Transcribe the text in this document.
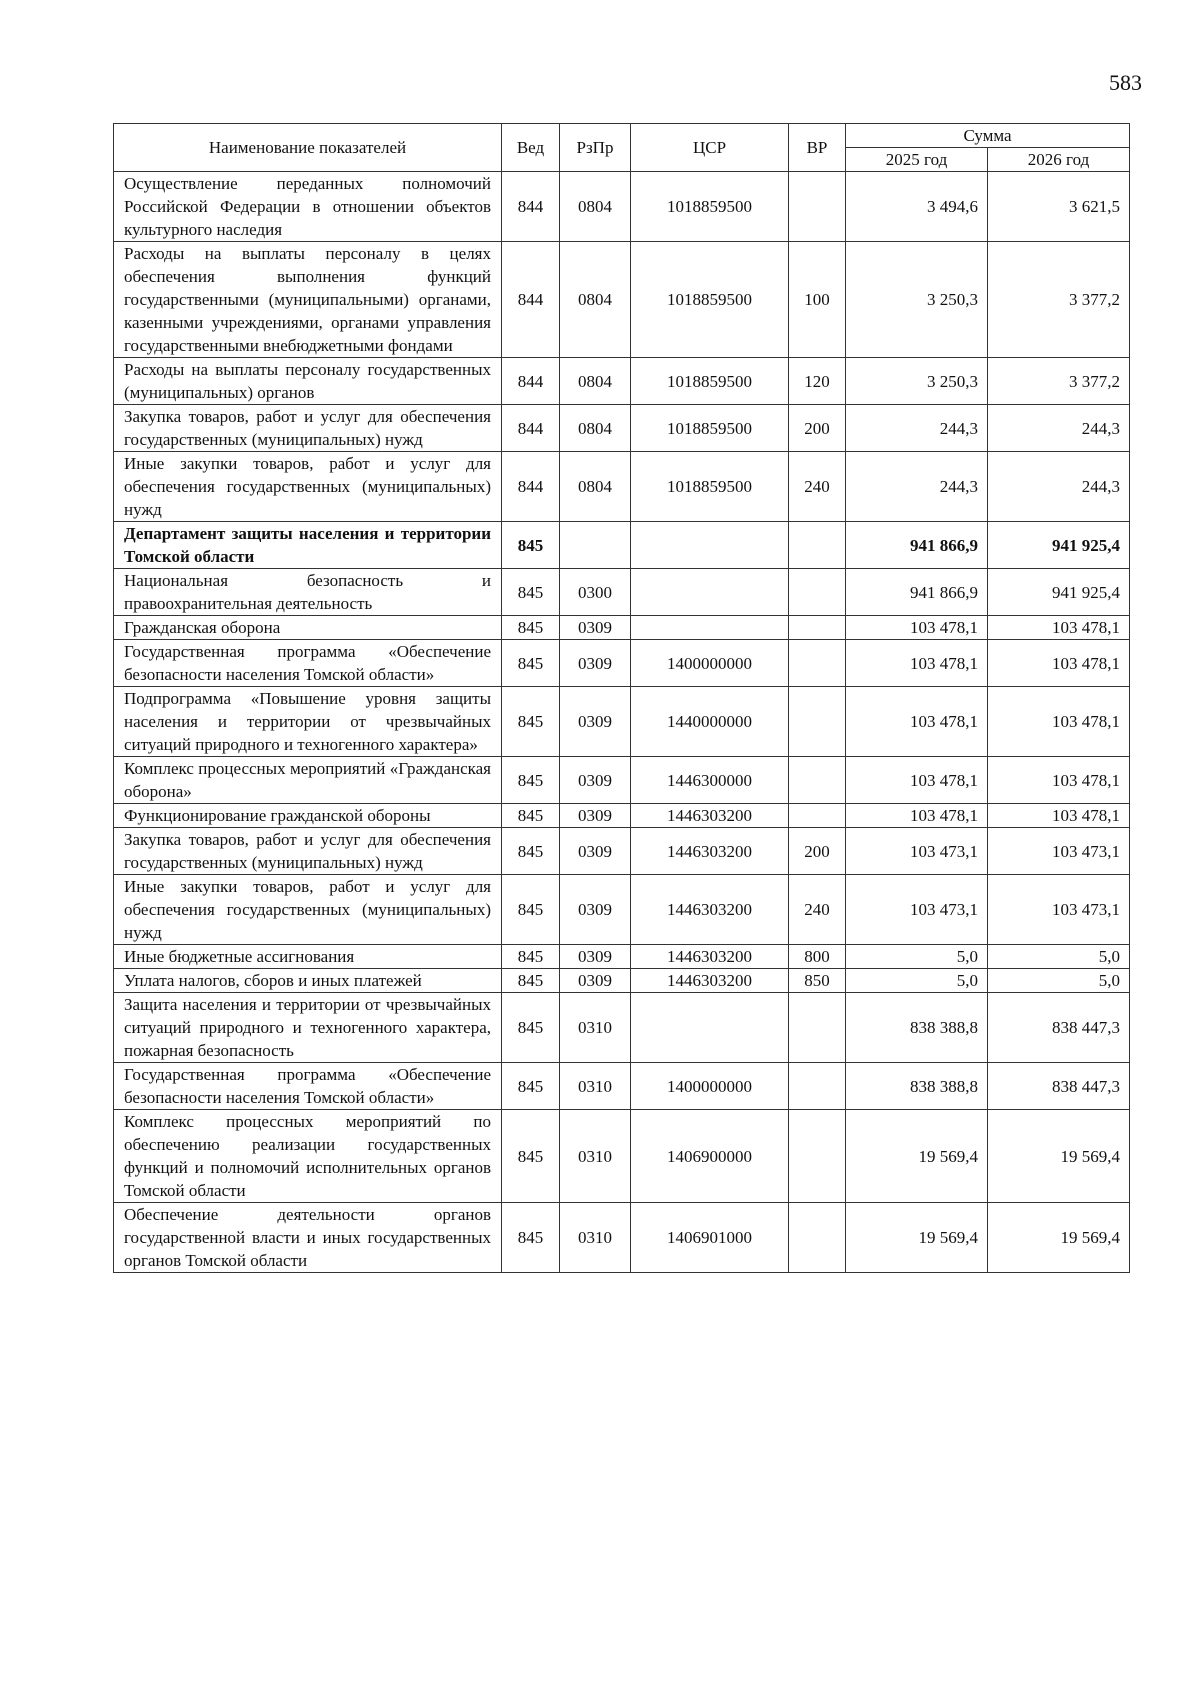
583
Наименование показателей	Вед	РзПр	ЦСР	ВР	Сумма	
					2025 год	2026 год
Осуществление переданных полномочий Российской Федерации в отношении объектов культурного наследия	844	0804	1018859500		3 494,6	3 621,5
Расходы на выплаты персоналу в целях обеспечения выполнения функций государственными (муниципальными) органами, казенными учреждениями, органами управления государственными внебюджетными фондами	844	0804	1018859500	100	3 250,3	3 377,2
Расходы на выплаты персоналу государственных (муниципальных) органов	844	0804	1018859500	120	3 250,3	3 377,2
Закупка товаров, работ и услуг для обеспечения государственных (муниципальных) нужд	844	0804	1018859500	200	244,3	244,3
Иные закупки товаров, работ и услуг для обеспечения государственных (муниципальных) нужд	844	0804	1018859500	240	244,3	244,3
Департамент защиты населения и территории Томской области	845				941 866,9	941 925,4
Национальная безопасность и правоохранительная деятельность	845	0300			941 866,9	941 925,4
Гражданская оборона	845	0309			103 478,1	103 478,1
Государственная программа «Обеспечение безопасности населения Томской области»	845	0309	1400000000		103 478,1	103 478,1
Подпрограмма «Повышение уровня защиты населения и территории от чрезвычайных ситуаций природного и техногенного характера»	845	0309	1440000000		103 478,1	103 478,1
Комплекс процессных мероприятий «Гражданская оборона»	845	0309	1446300000		103 478,1	103 478,1
Функционирование гражданской обороны	845	0309	1446303200		103 478,1	103 478,1
Закупка товаров, работ и услуг для обеспечения государственных (муниципальных) нужд	845	0309	1446303200	200	103 473,1	103 473,1
Иные закупки товаров, работ и услуг для обеспечения государственных (муниципальных) нужд	845	0309	1446303200	240	103 473,1	103 473,1
Иные бюджетные ассигнования	845	0309	1446303200	800	5,0	5,0
Уплата налогов, сборов и иных платежей	845	0309	1446303200	850	5,0	5,0
Защита населения и территории от чрезвычайных ситуаций природного и техногенного характера, пожарная безопасность	845	0310			838 388,8	838 447,3
Государственная программа «Обеспечение безопасности населения Томской области»	845	0310	1400000000		838 388,8	838 447,3
Комплекс процессных мероприятий по обеспечению реализации государственных функций и полномочий исполнительных органов Томской области	845	0310	1406900000		19 569,4	19 569,4
Обеспечение деятельности органов государственной власти и иных государственных органов Томской области	845	0310	1406901000		19 569,4	19 569,4
